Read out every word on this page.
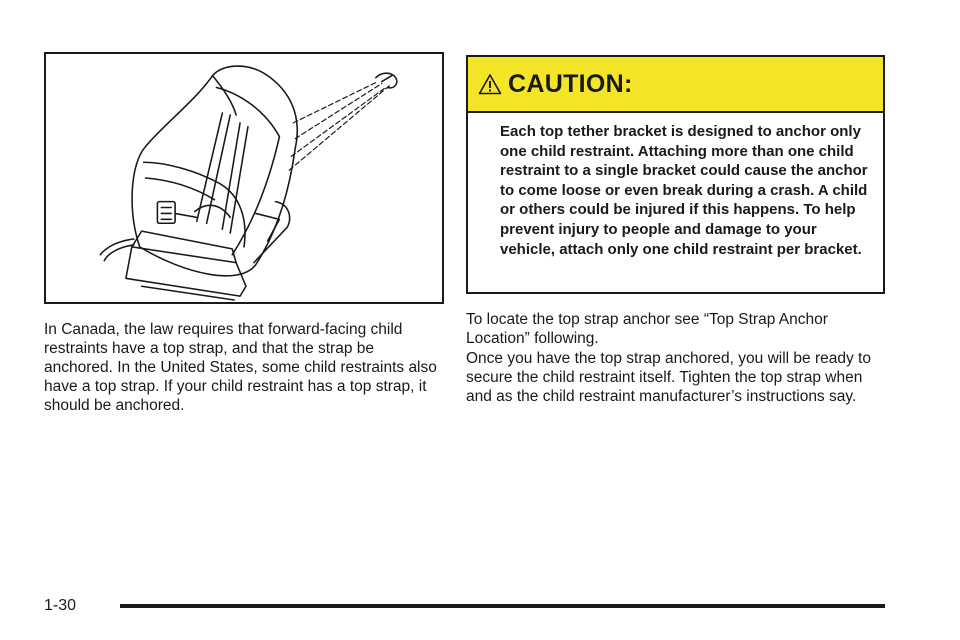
In Canada, the law requires that forward-facing child restraints have a top strap, and that the strap be anchored. In the United States, some child restraints also have a top strap. If your child restraint has a top strap, it should be anchored.

CAUTION:

Each top tether bracket is designed to anchor only one child restraint. Attaching more than one child restraint to a single bracket could cause the anchor to come loose or even break during a crash. A child or others could be injured if this happens. To help prevent injury to people and damage to your vehicle, attach only one child restraint per bracket.

To locate the top strap anchor see “Top Strap Anchor Location” following.

Once you have the top strap anchored, you will be ready to secure the child restraint itself. Tighten the top strap when and as the child restraint manufacturer’s instructions say.

1-30
